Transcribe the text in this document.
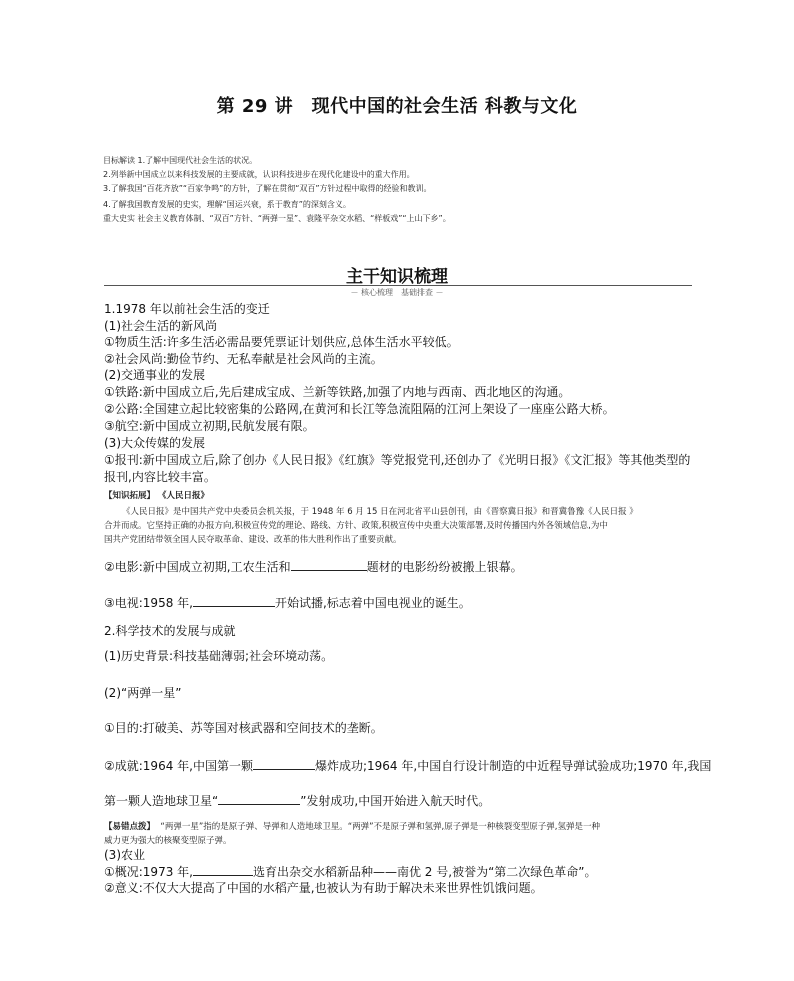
第 29 讲　现代中国的社会生活 科教与文化
目标解读 1.了解中国现代社会生活的状况。
2.列举新中国成立以来科技发展的主要成就，认识科技进步在现代化建设中的重大作用。
3.了解我国“百花齐放”“百家争鸣”的方针，了解在贯彻“双百”方针过程中取得的经验和教训。
4.了解我国教育发展的史实，理解“国运兴衰，系于教育”的深刻含义。
重大史实 社会主义教育体制、“双百”方针、“两弹一星”、袁隆平杂交水稻、“样板戏”“上山下乡”。
主干知识梳理
－ 核心梳理　基础排查 －
1.1978 年以前社会生活的变迁
(1)社会生活的新风尚
①物质生活:许多生活必需品要凭票证计划供应,总体生活水平较低。
②社会风尚:勤俭节约、无私奉献是社会风尚的主流。
(2)交通事业的发展
①铁路:新中国成立后,先后建成宝成、兰新等铁路,加强了内地与西南、西北地区的沟通。
②公路:全国建立起比较密集的公路网,在黄河和长江等急流阻隔的江河上架设了一座座公路大桥。
③航空:新中国成立初期,民航发展有限。
(3)大众传媒的发展
①报刊:新中国成立后,除了创办《人民日报》《红旗》等党报党刊,还创办了《光明日报》《文汇报》等其他类型的
报刊,内容比较丰富。
【知识拓展】 《人民日报》
《人民日报》是中国共产党中央委员会机关报，于 1948 年 6 月 15 日在河北省平山县创刊，由《晋察冀日报》和晋冀鲁豫《人民日报 》
合并而成。它坚持正确的办报方向,积极宣传党的理论、路线、方针、政策,积极宣传中央重大决策部署,及时传播国内外各领域信息,为中
国共产党团结带领全国人民夺取革命、建设、改革的伟大胜利作出了重要贡献。
②电影:新中国成立初期,工农生活和	题材的电影纷纷被搬上银幕。
③电视:1958 年,	开始试播,标志着中国电视业的诞生。
2.科学技术的发展与成就
(1)历史背景:科技基础薄弱;社会环境动荡。
(2)“两弹一星”
①目的:打破美、苏等国对核武器和空间技术的垄断。
②成就:1964 年,中国第一颗	爆炸成功;1964 年,中国自行设计制造的中近程导弹试验成功;1970 年,我国
第一颗人造地球卫星“	”发射成功,中国开始进入航天时代。
【易错点拨】 “两弹一星”指的是原子弹、导弹和人造地球卫星。“两弹”不是原子弹和氢弹,原子弹是一种核裂变型原子弹,氢弹是一种
威力更为强大的核聚变型原子弹。
(3)农业
①概况:1973 年,	选育出杂交水稻新品种——南优 2 号,被誉为“第二次绿色革命”。
②意义:不仅大大提高了中国的水稻产量,也被认为有助于解决未来世界性饥饿问题。
